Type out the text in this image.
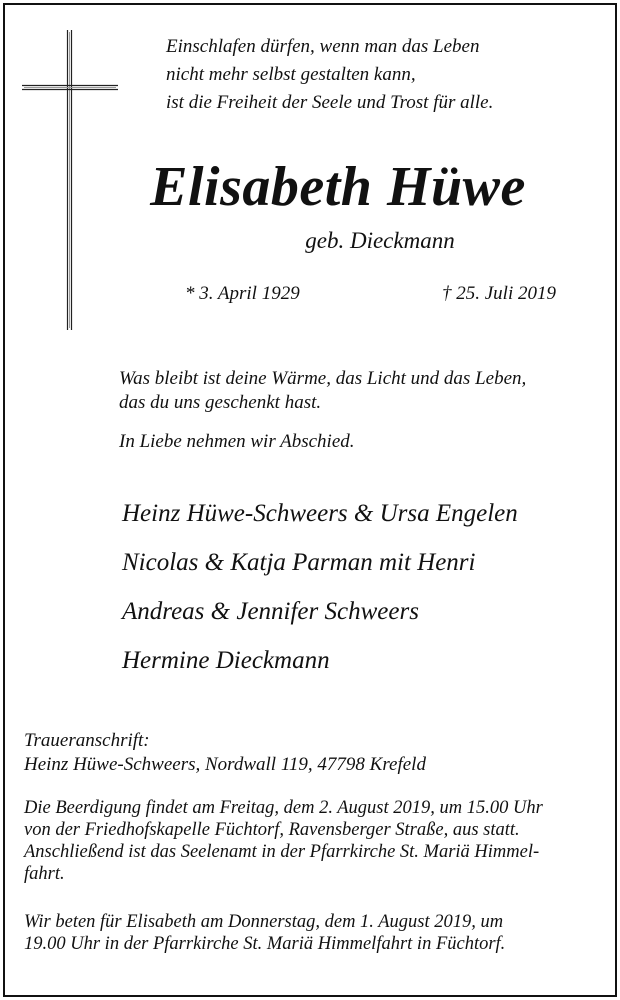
Einschlafen dürfen, wenn man das Leben
nicht mehr selbst gestalten kann,
ist die Freiheit der Seele und Trost für alle.
Elisabeth Hüwe
geb. Dieckmann
* 3. April 1929	† 25. Juli 2019
Was bleibt ist deine Wärme, das Licht und das Leben,
das du uns geschenkt hast.
In Liebe nehmen wir Abschied.
Heinz Hüwe-Schweers & Ursa Engelen
Nicolas & Katja Parman mit Henri
Andreas & Jennifer Schweers
Hermine Dieckmann
Traueranschrift:
Heinz Hüwe-Schweers, Nordwall 119, 47798 Krefeld
Die Beerdigung findet am Freitag, dem 2. August 2019, um 15.00 Uhr
von der Friedhofskapelle Füchtorf, Ravensberger Straße, aus statt.
Anschließend ist das Seelenamt in der Pfarrkirche St. Mariä Himmel-
fahrt.
Wir beten für Elisabeth am Donnerstag, dem 1. August 2019, um
19.00 Uhr in der Pfarrkirche St. Mariä Himmelfahrt in Füchtorf.
